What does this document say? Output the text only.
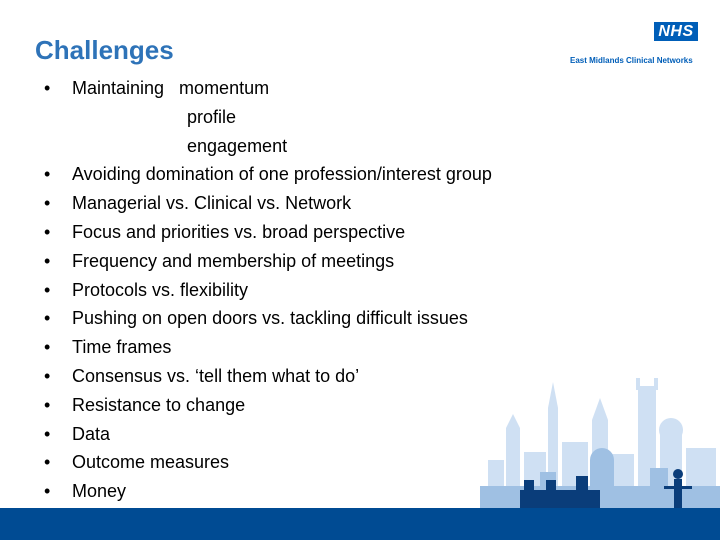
Challenges
NHS
East Midlands Clinical Networks
• Maintaining   momentum
profile
engagement
• Avoiding domination of one profession/interest group
• Managerial vs. Clinical vs. Network
• Focus and priorities vs. broad perspective
• Frequency and membership of meetings
• Protocols vs. flexibility
• Pushing on open doors vs. tackling difficult issues
• Time frames
• Consensus vs. ‘tell them what to do’
• Resistance to change
• Data
• Outcome measures
• Money
